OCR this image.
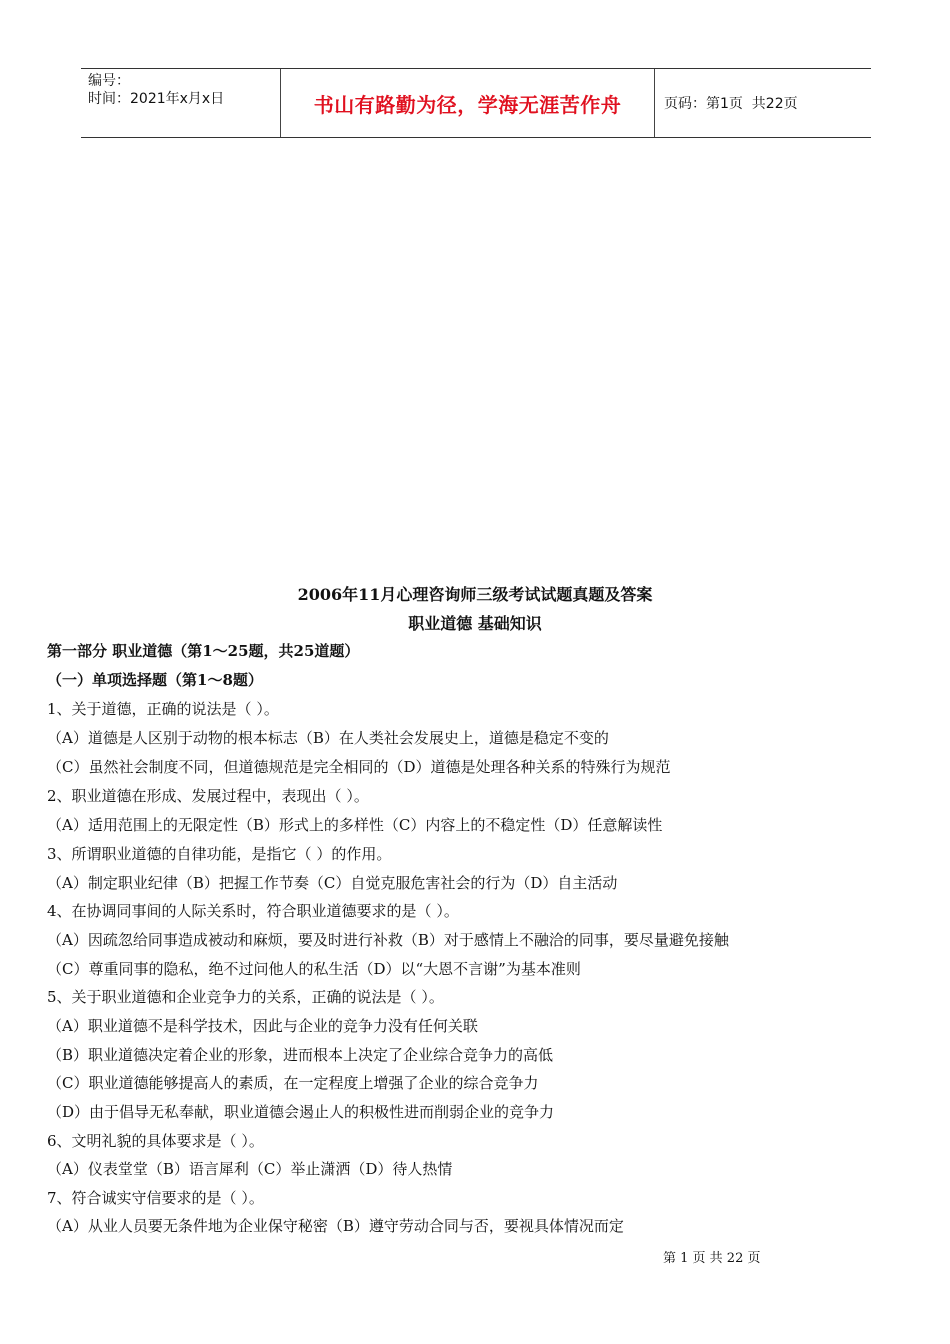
编号：
时间：2021年x月x日	书山有路勤为径，学海无涯苦作舟	页码：第1页  共22页
2006年11月心理咨询师三级考试试题真题及答案
职业道德 基础知识
第一部分 职业道德（第1～25题，共25道题）
（一）单项选择题（第1～8题）
1、关于道德，正确的说法是（ ）。
（A）道德是人区别于动物的根本标志（B）在人类社会发展史上，道德是稳定不变的
（C）虽然社会制度不同，但道德规范是完全相同的（D）道德是处理各种关系的特殊行为规范
2、职业道德在形成、发展过程中，表现出（ ）。
（A）适用范围上的无限定性（B）形式上的多样性（C）内容上的不稳定性（D）任意解读性
3、所谓职业道德的自律功能，是指它（ ）的作用。
（A）制定职业纪律（B）把握工作节奏（C）自觉克服危害社会的行为（D）自主活动
4、在协调同事间的人际关系时，符合职业道德要求的是（ ）。
（A）因疏忽给同事造成被动和麻烦，要及时进行补救（B）对于感情上不融洽的同事，要尽量避免接触
（C）尊重同事的隐私，绝不过问他人的私生活（D）以“大恩不言谢”为基本准则
5、关于职业道德和企业竞争力的关系，正确的说法是（ ）。
（A）职业道德不是科学技术，因此与企业的竞争力没有任何关联
（B）职业道德决定着企业的形象，进而根本上决定了企业综合竞争力的高低
（C）职业道德能够提高人的素质，在一定程度上增强了企业的综合竞争力
（D）由于倡导无私奉献，职业道德会遏止人的积极性进而削弱企业的竞争力
6、文明礼貌的具体要求是（ ）。
（A）仪表堂堂（B）语言犀利（C）举止潇洒（D）待人热情
7、符合诚实守信要求的是（ ）。
（A）从业人员要无条件地为企业保守秘密（B）遵守劳动合同与否，要视具体情况而定
第 1 页 共 22 页
